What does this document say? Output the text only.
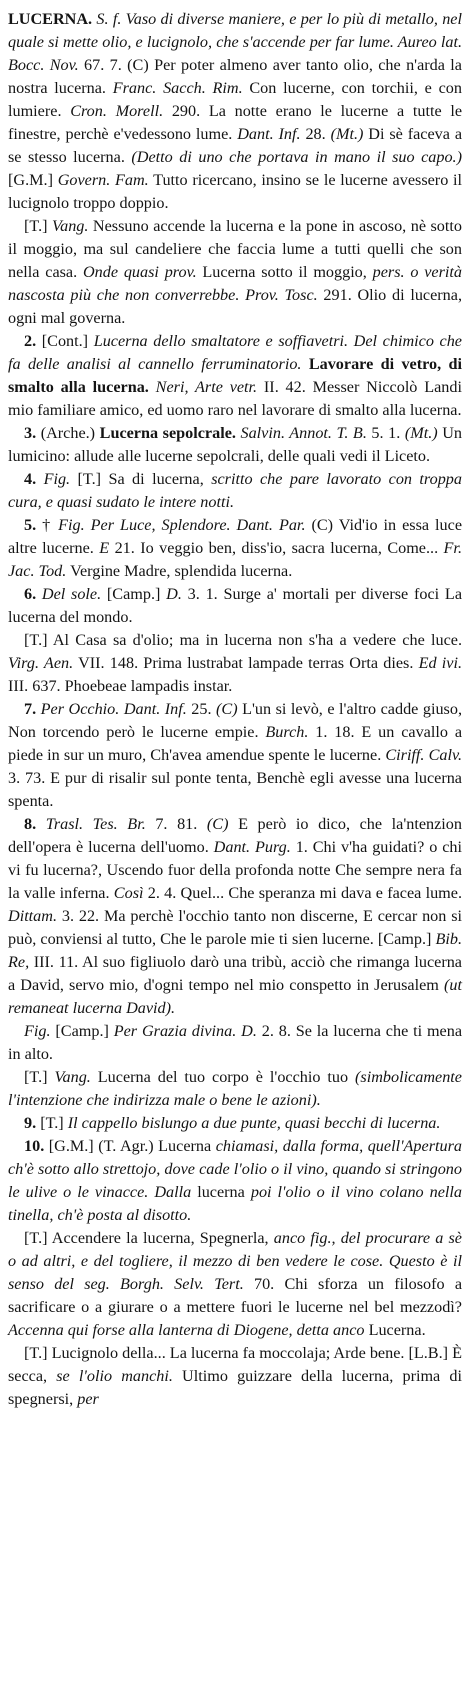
LUCERNA. S. f. Vaso di diverse maniere, e per lo più di metallo, nel quale si mette olio, e lucignolo, che s'accende per far lume. Aureo lat. Bocc. Nov. 67. 7. (C) Per poter almeno aver tanto olio, che n'arda la nostra lucerna. Franc. Sacch. Rim. Con lucerne, con torchii, e con lumiere. Cron. Morell. 290. La notte erano le lucerne a tutte le finestre, perchè e'vedessono lume. Dant. Inf. 28. (Mt.) Di sè faceva a se stesso lucerna. (Detto di uno che portava in mano il suo capo.) [G.M.] Govern. Fam. Tutto ricercano, insino se le lucerne avessero il lucignolo troppo doppio.

[T.] Vang. Nessuno accende la lucerna e la pone in ascoso, nè sotto il moggio, ma sul candeliere che faccia lume a tutti quelli che son nella casa. Onde quasi prov. Lucerna sotto il moggio, pers. o verità nascosta più che non converrebbe. Prov. Tosc. 291. Olio di lucerna, ogni mal governa.

2. [Cont.] Lucerna dello smaltatore e soffiavetri. Del chimico che fa delle analisi al cannello ferruminatorio. Lavorare di vetro, di smalto alla lucerna. Neri, Arte vetr. II. 42. Messer Niccolò Landi mio familiare amico, ed uomo raro nel lavorare di smalto alla lucerna.

3. (Arche.) Lucerna sepolcrale. Salvin. Annot. T. B. 5. 1. (Mt.) Un lumicino: allude alle lucerne sepolcrali, delle quali vedi il Liceto.

4. Fig. [T.] Sa di lucerna, scritto che pare lavorato con troppa cura, e quasi sudato le intere notti.

5. † Fig. Per Luce, Splendore. Dant. Par. (C) Vid'io in essa luce altre lucerne. E 21. Io veggio ben, diss'io, sacra lucerna, Come... Fr. Jac. Tod. Vergine Madre, splendida lucerna.

6. Del sole. [Camp.] D. 3. 1. Surge a' mortali per diverse foci La lucerna del mondo.

[T.] Al Casa sa d'olio; ma in lucerna non s'ha a vedere che luce. Virg. Aen. VII. 148. Prima lustrabat lampade terras Orta dies. Ed ivi. III. 637. Phoebeae lampadis instar.

7. Per Occhio. Dant. Inf. 25. (C) L'un si levò, e l'altro cadde giuso, Non torcendo però le lucerne empie. Burch. 1. 18. E un cavallo a piede in sur un muro, Ch'avea amendue spente le lucerne. Ciriff. Calv. 3. 73. E pur di risalir sul ponte tenta, Benchè egli avesse una lucerna spenta.

8. Trasl. Tes. Br. 7. 81. (C) E però io dico, che la'ntenzion dell'opera è lucerna dell'uomo. Dant. Purg. 1. Chi v'ha guidati? o chi vi fu lucerna?, Uscendo fuor della profonda notte Che sempre nera fa la valle inferna. Così 2. 4. Quel... Che speranza mi dava e facea lume. Dittam. 3. 22. Ma perchè l'occhio tanto non discerne, E cercar non si può, conviensi al tutto, Che le parole mie ti sien lucerne. [Camp.] Bib. Re, III. 11. Al suo figliuolo darò una tribù, acciò che rimanga lucerna a David, servo mio, d'ogni tempo nel mio conspetto in Jerusalem (ut remaneat lucerna David).

Fig. [Camp.] Per Grazia divina. D. 2. 8. Se la lucerna che ti mena in alto.

[T.] Vang. Lucerna del tuo corpo è l'occhio tuo (simbolicamente l'intenzione che indirizza male o bene le azioni).

9. [T.] Il cappello bislungo a due punte, quasi becchi di lucerna.

10. [G.M.] (T. Agr.) Lucerna chiamasi, dalla forma, quell'Apertura ch'è sotto allo strettojo, dove cade l'olio o il vino, quando si stringono le ulive o le vinacce. Dalla lucerna poi l'olio o il vino colano nella tinella, ch'è posta al disotto.

[T.] Accendere la lucerna, Spegnerla, anco fig., del procurare a sè o ad altri, e del togliere, il mezzo di ben vedere le cose. Questo è il senso del seg. Borgh. Selv. Tert. 70. Chi sforza un filosofo a sacrificare o a giurare o a mettere fuori le lucerne nel bel mezzodì? Accenna qui forse alla lanterna di Diogene, detta anco Lucerna.

[T.] Lucignolo della... La lucerna fa moccolaja; Arde bene. [L.B.] È secca, se l'olio manchi. Ultimo guizzare della lucerna, prima di spegnersi, per
